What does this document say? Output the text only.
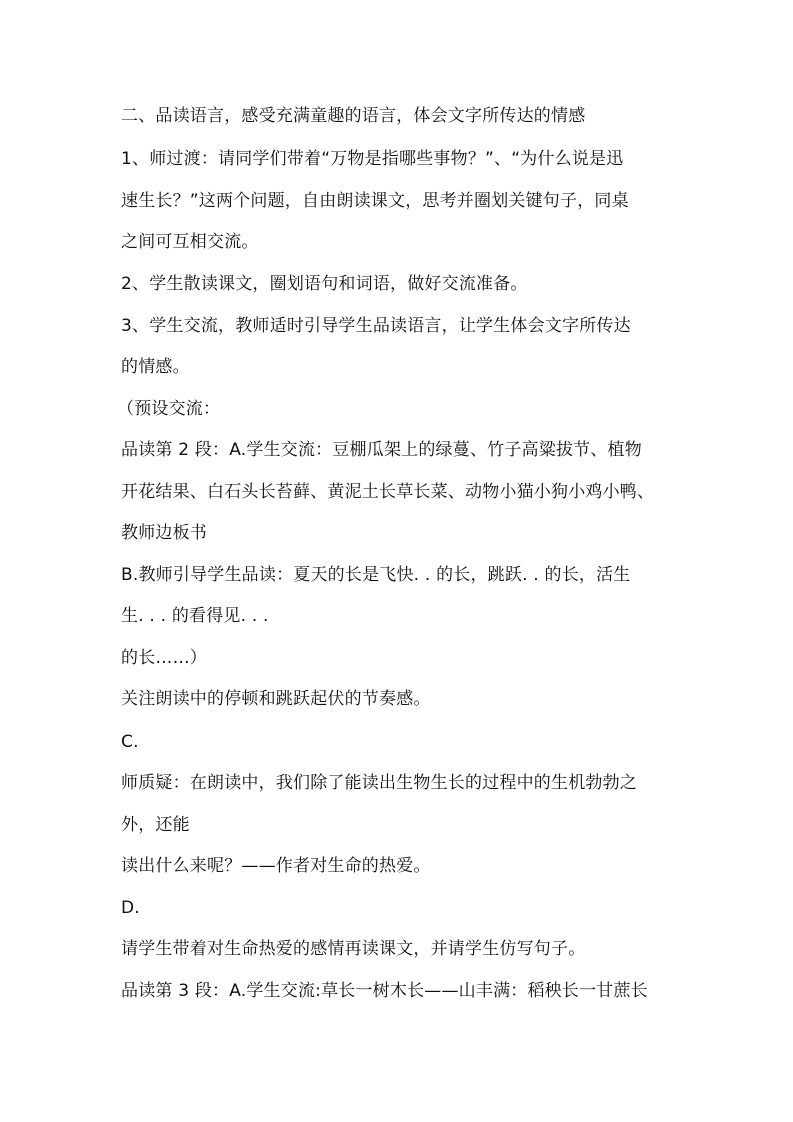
二、品读语言，感受充满童趣的语言，体会文字所传达的情感
1、师过渡：请同学们带着“万物是指哪些事物？”、“为什么说是迅
速生长？”这两个问题，自由朗读课文，思考并圈划关键句子，同桌
之间可互相交流。
2、学生散读课文，圈划语句和词语，做好交流准备。
3、学生交流，教师适时引导学生品读语言，让学生体会文字所传达
的情感。
（预设交流：
品读第 2 段：A.学生交流：豆棚瓜架上的绿蔓、竹子高粱拔节、植物
开花结果、白石头长苔藓、黄泥土长草长菜、动物小猫小狗小鸡小鸭、
教师边板书
B.教师引导学生品读：夏天的长是飞快. . 的长，跳跃. . 的长，活生
生. . . 的看得见. . .
的长……）
关注朗读中的停顿和跳跃起伏的节奏感。
C.
师质疑：在朗读中，我们除了能读出生物生长的过程中的生机勃勃之
外，还能
读出什么来呢？——作者对生命的热爱。
D.
请学生带着对生命热爱的感情再读课文，并请学生仿写句子。
品读第 3 段：A.学生交流:草长一树木长——山丰满：稻秧长一甘蔗长
